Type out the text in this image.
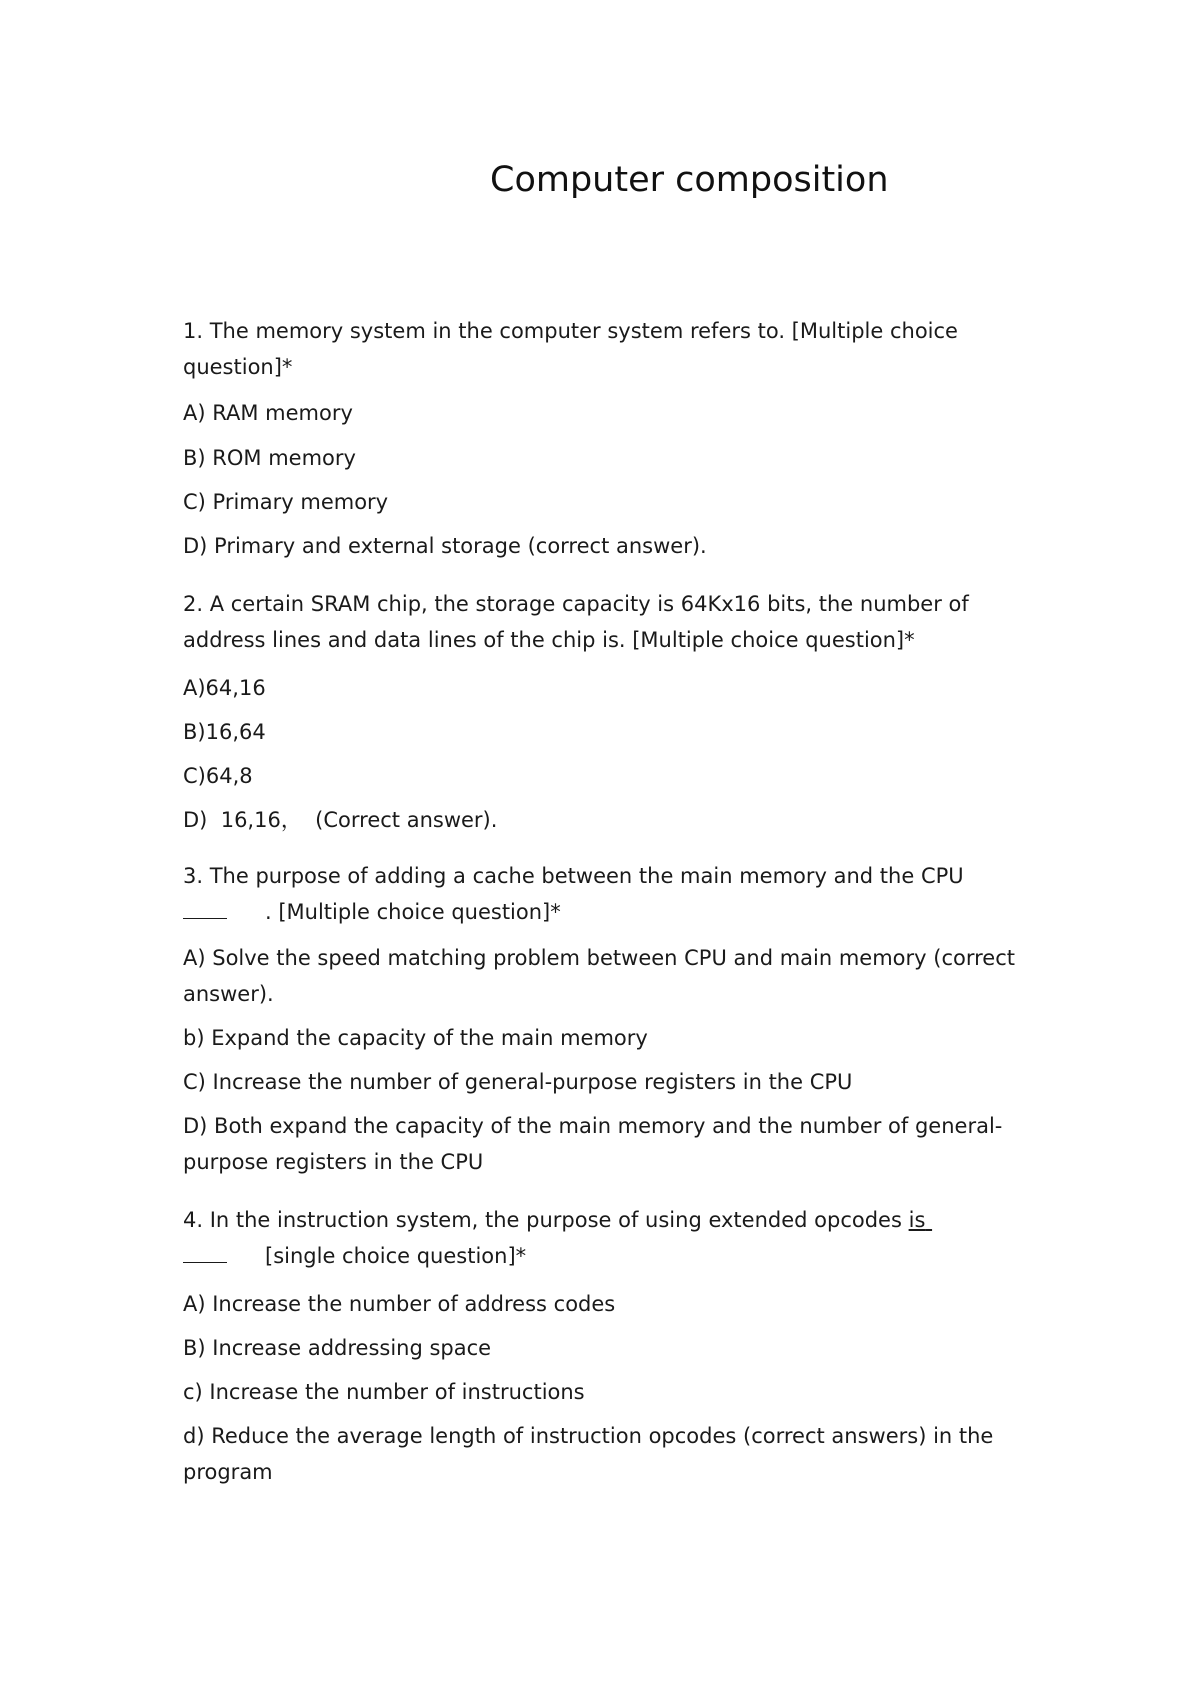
Computer composition

1. The memory system in the computer system refers to. [Multiple choice question]*

A) RAM memory

B) ROM memory

C) Primary memory

D) Primary and external storage (correct answer).

2. A certain SRAM chip, the storage capacity is 64Kx16 bits, the number of address lines and data lines of the chip is. [Multiple choice question]*

A)64,16

B)16,64

C)64,8

D)  16,16，  (Correct answer).

3. The purpose of adding a cache between the main memory and the CPU
. [Multiple choice question]*

A) Solve the speed matching problem between CPU and main memory (correct answer).

b) Expand the capacity of the main memory

C) Increase the number of general-purpose registers in the CPU

D) Both expand the capacity of the main memory and the number of general-purpose registers in the CPU

4. In the instruction system, the purpose of using extended opcodes is
[single choice question]*

A) Increase the number of address codes

B) Increase addressing space

c) Increase the number of instructions

d) Reduce the average length of instruction opcodes (correct answers) in the program
